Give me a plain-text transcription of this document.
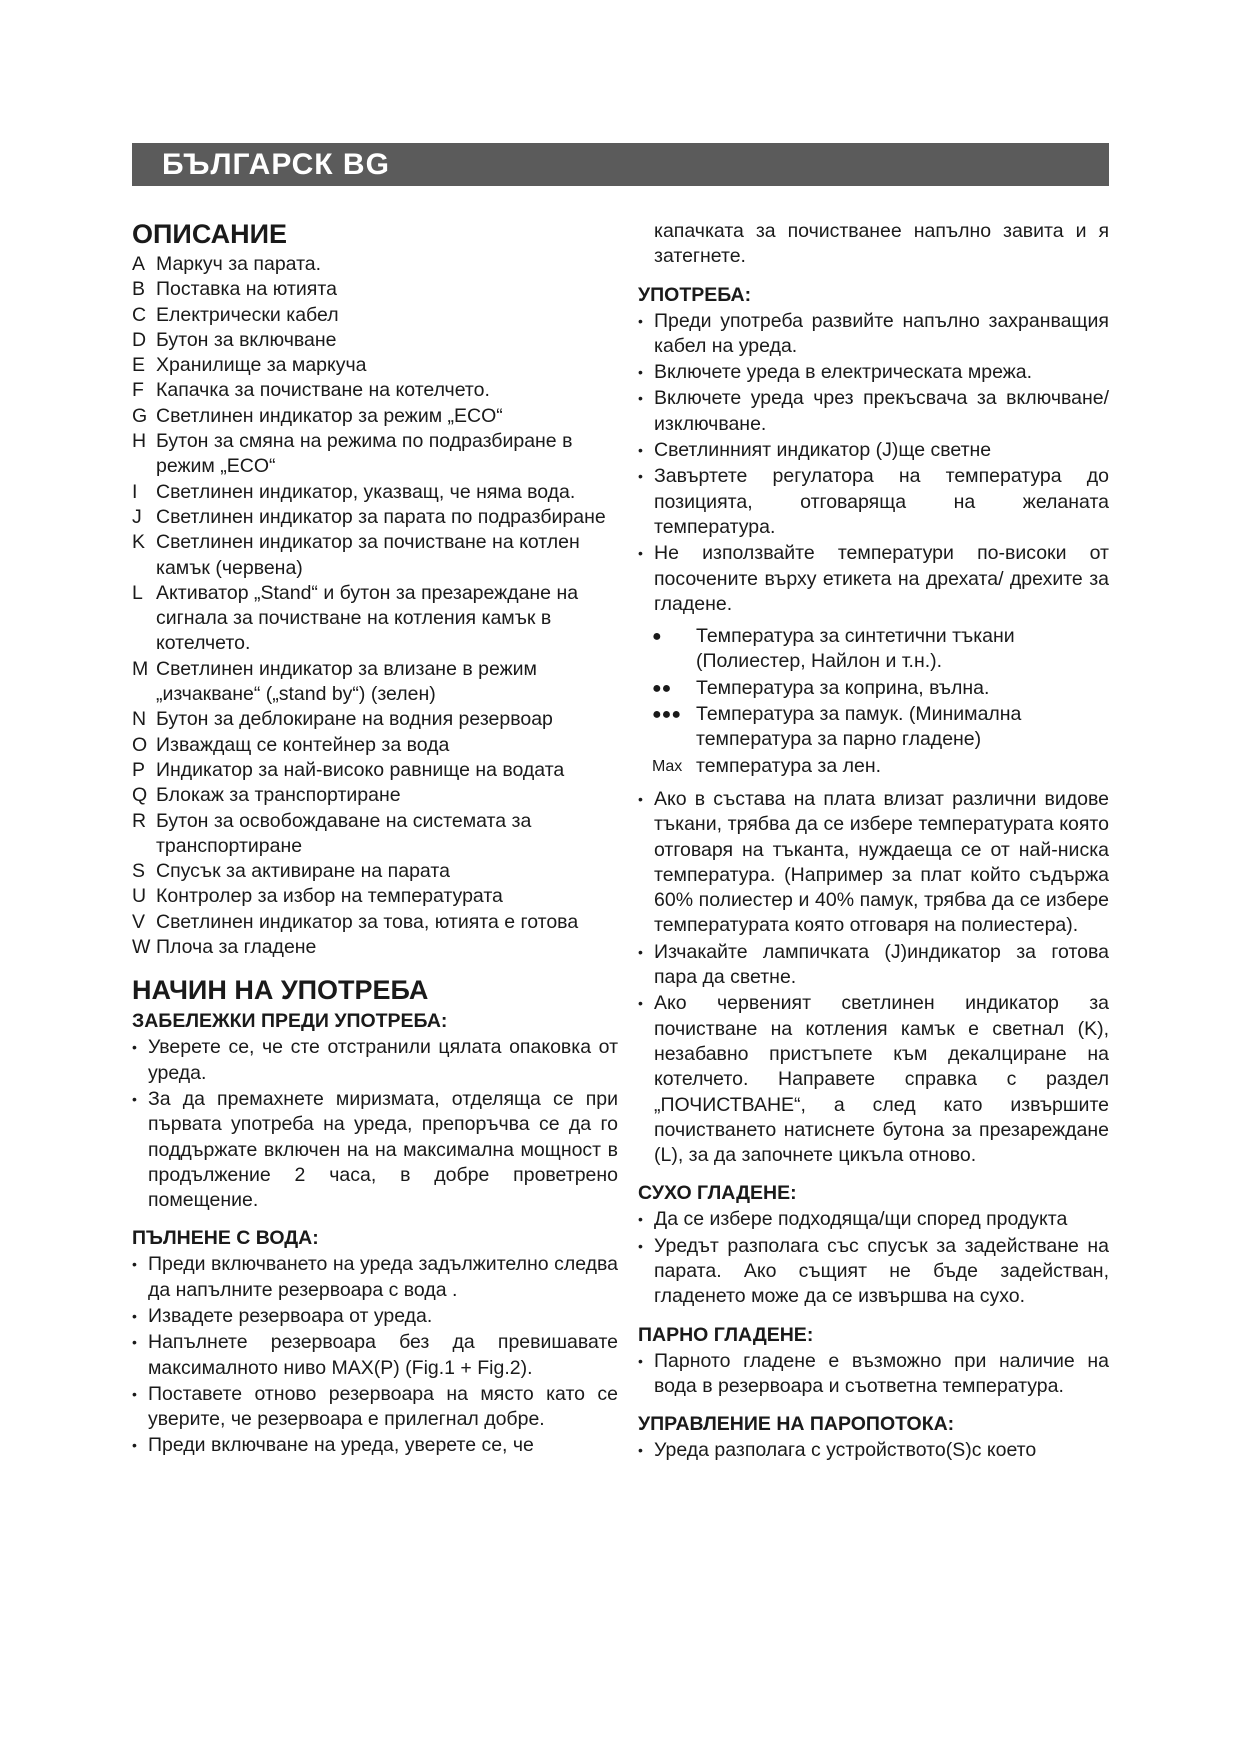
БЪЛГАРСК BG
ОПИСАНИЕ
A Маркуч за парата.
B Поставка на ютията
C Електрически кабел
D Бутон за включване
E Хранилище за маркуча
F Капачка за почистване на котелчето.
G Светлинен индикатор за режим „ECO“
H Бутон за смяна на режима по подразбиране в режим „ECO“
I Светлинен индикатор, указващ, че няма вода.
J Светлинен индикатор за парата по подразбиране
K Светлинен индикатор за почистване на котлен камък (червена)
L Активатор „Stand“ и бутон за презареждане на сигнала за почистване на котления камък в котелчето.
M Светлинен индикатор за влизане в режим „изчакване“ („stand by“) (зелен)
N Бутон за деблокиране на водния резервоар
O Изваждащ се контейнер за вода
P Индикатор за най-високо равнище на водата
Q Блокаж за транспортиране
R Бутон за освобождаване на системата за транспортиране
S Спусък за активиране на парата
U Контролер за избор на температурата
V Светлинен индикатор за това, ютията е готова
W Плоча за гладене
НАЧИН НА УПОТРЕБА
ЗАБЕЛЕЖКИ ПРЕДИ УПОТРЕБА:
• Уверете се, че сте отстранили цялата опаковка от уреда.
• За да премахнете миризмата, отделяща се при първата употреба на уреда, препоръчва се да го поддържате включен на на максимална мощност в продължение 2 часа, в добре проветрено помещение.
ПЪЛНЕНЕ С ВОДА:
• Преди включването на уреда задължително следва да напълните резервоара с вода .
• Извадете резервоара от уреда.
• Напълнете резервоара без да превишавате максималното ниво MAX(P) (Fig.1 + Fig.2).
• Поставете отново резервоара на място като се уверите, че резервоара е прилегнал добре.
• Преди включване на уреда, уверете се, че
капачката за почистванее напълно завита и я затегнете.
УПОТРЕБА:
• Преди употреба развийте напълно захранващия кабел на уреда.
• Включете уреда в електрическата мрежа.
• Включете уреда чрез прекъсвача за включване/изключване.
• Светлинният индикатор (J)ще светне
• Завъртете регулатора на температура до позицията, отговаряща на желаната температура.
• Не използвайте температури по-високи от посочените върху етикета на дрехата/ дрехите за гладене.
●	Температура за синтетични тъкани (Полиестер, Найлон и т.н.).
●●	Температура за коприна, вълна.
●●● Температура за памук. (Минимална температура за парно гладене)
Max температура за лен.
• Ако в състава на плата влизат различни видове тъкани, трябва да се избере температурата която отговаря на тъканта, нуждаеща се от най-ниска температура. (Например за плат който съдържа 60% полиестер и 40% памук, трябва да се избере температурата която отговаря на полиестера).
• Изчакайте лампичката (J)индикатор за готова пара да светне.
• Ако червеният светлинен индикатор за почистване на котления камък е светнал (K), незабавно пристъпете към декалциране на котелчето. Направете справка с раздел „ПОЧИСТВАНЕ“, а след като извършите почистването натиснете бутона за презареждане (L), за да започнете цикъла отново.
СУХО ГЛАДЕНЕ:
• Да се избере подходяща/щи според продукта
• Уредът разполага със спусък за задействане на парата. Ако същият не бъде задействан, гладенето може да се извършва на сухо.
ПАРНО ГЛАДЕНЕ:
• Парното гладене е възможно при наличие на вода в резервоара и съответна температура.
УПРАВЛЕНИЕ НА ПАРОПОТОКА:
• Уреда разполага с устройството(S)с което
